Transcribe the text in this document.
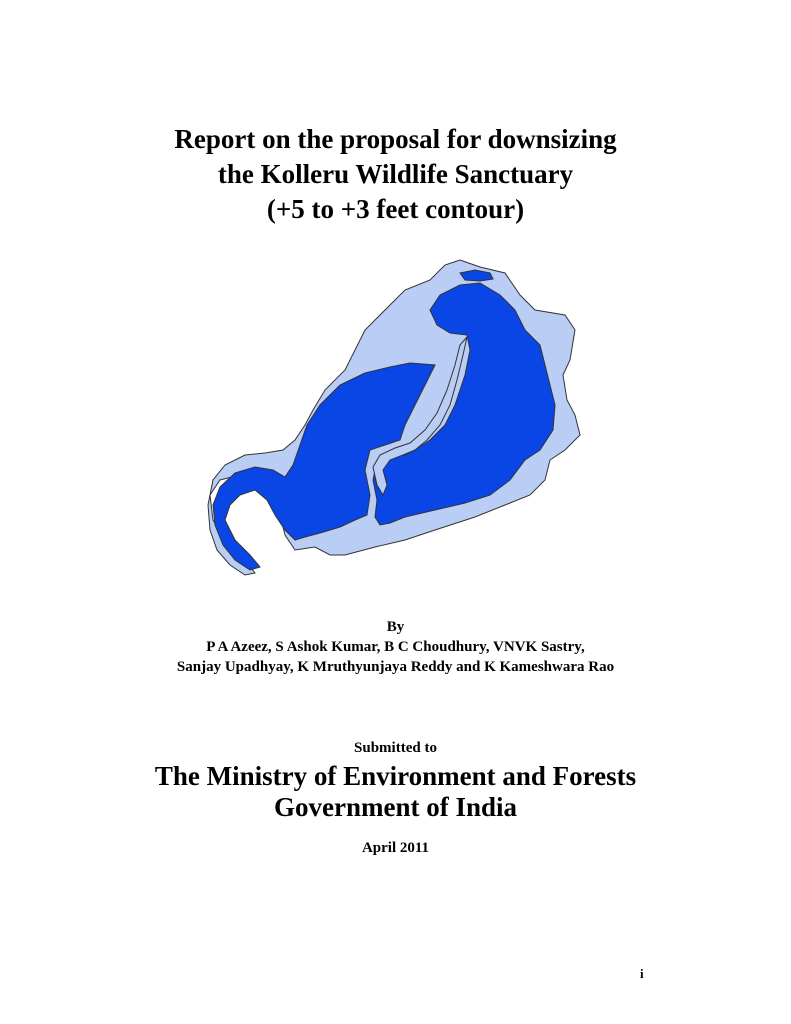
Report on the proposal for downsizing
the Kolleru Wildlife Sanctuary
(+5 to +3 feet contour)
By
P A Azeez, S Ashok Kumar, B C Choudhury, VNVK Sastry,
Sanjay Upadhyay, K Mruthyunjaya Reddy and K Kameshwara Rao
Submitted to
The Ministry of Environment and Forests
Government of India
April 2011
i
